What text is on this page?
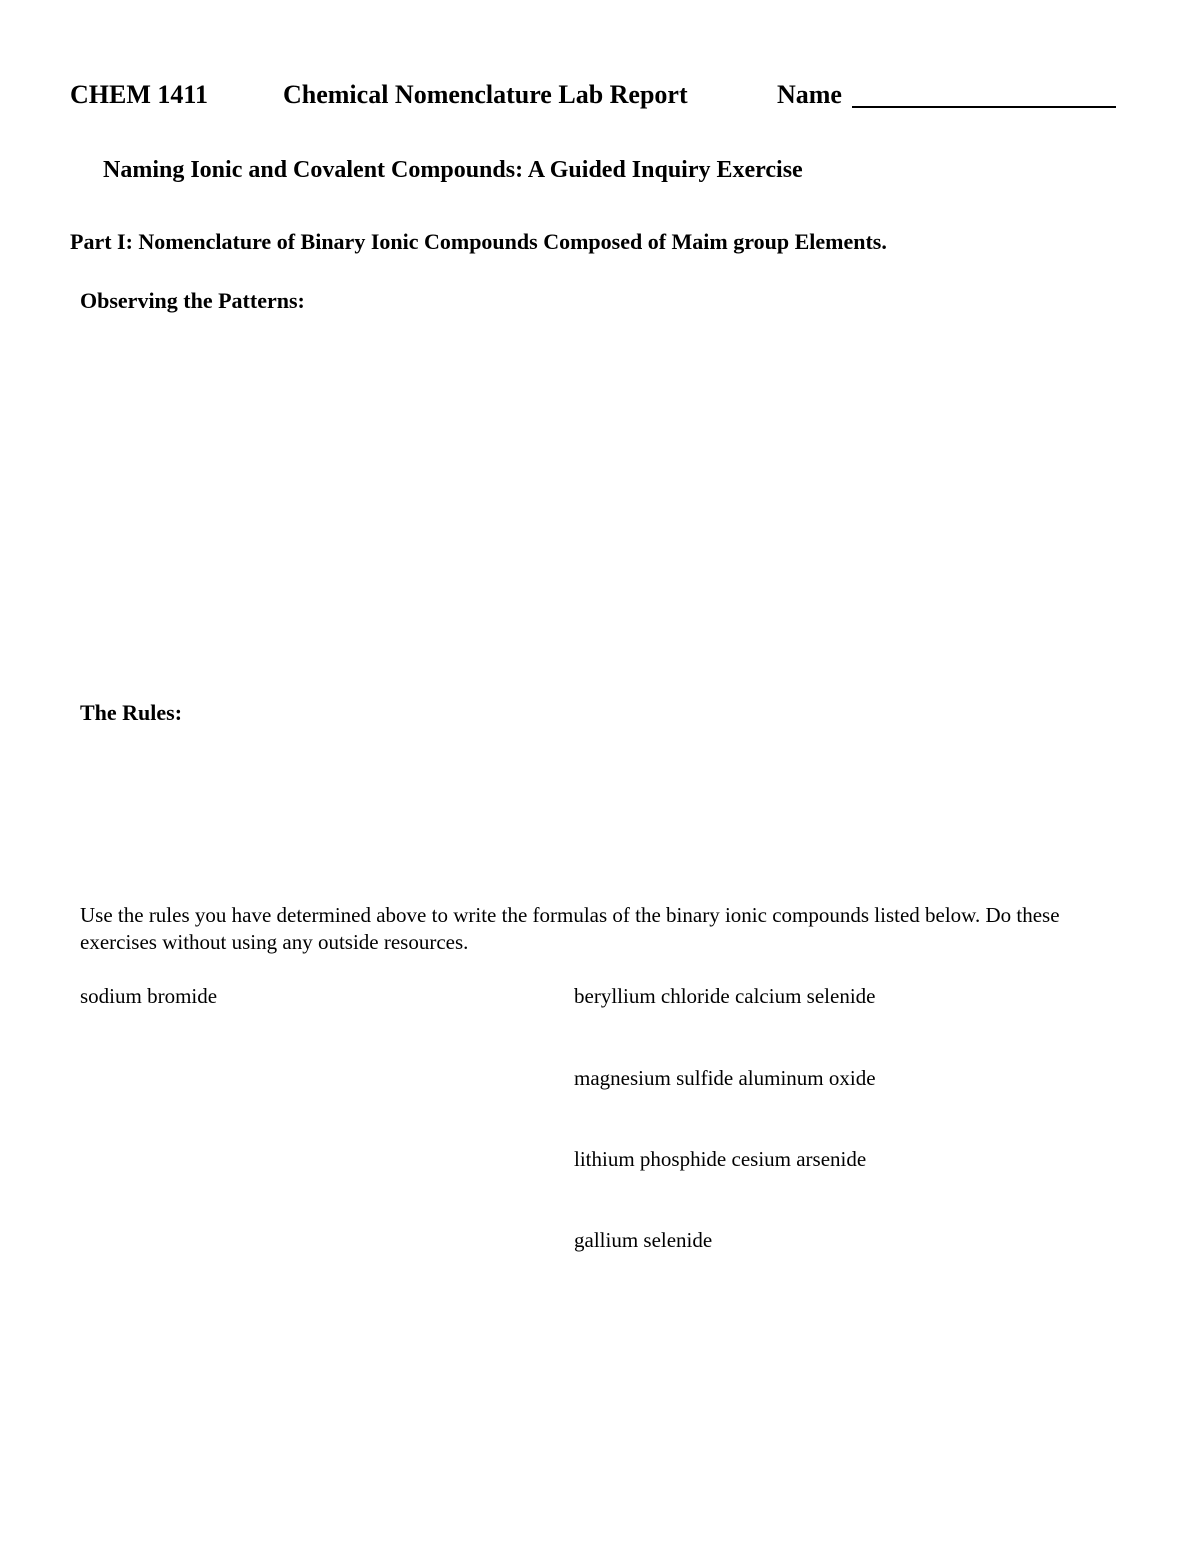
CHEM 1411	Chemical Nomenclature Lab Report	Name
Naming Ionic and Covalent Compounds: A Guided Inquiry Exercise
Part I: Nomenclature of Binary Ionic Compounds Composed of Maim group Elements.
Observing the Patterns:
The Rules:
Use the rules you have determined above to write the formulas of the binary ionic compounds listed below. Do these exercises without using any outside resources.
sodium bromide	beryllium chloride calcium selenide
magnesium sulfide aluminum oxide
lithium phosphide cesium arsenide
gallium selenide
